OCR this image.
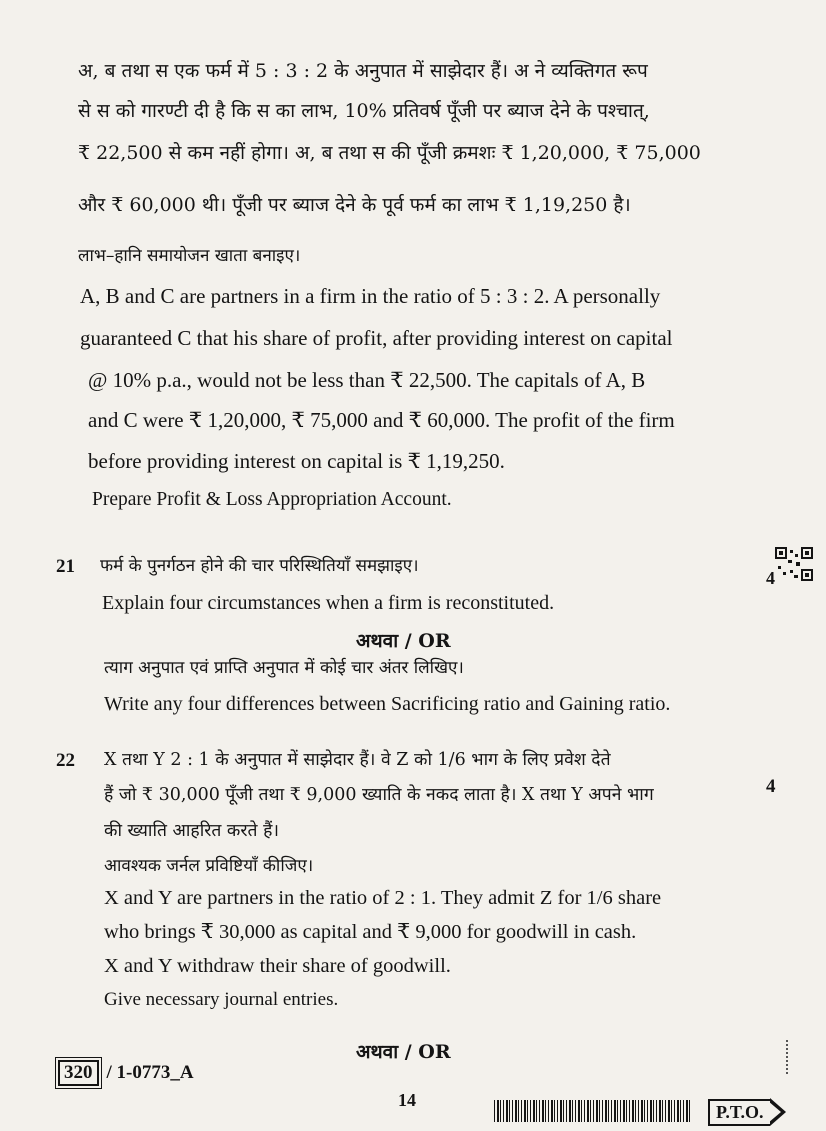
अ, ब तथा स एक फर्म में 5 : 3 : 2 के अनुपात में साझेदार हैं। अ ने व्यक्तिगत रूप
से स को गारण्टी दी है कि स का लाभ, 10% प्रतिवर्ष पूँजी पर ब्याज देने के पश्चात्,
₹ 22,500 से कम नहीं होगा। अ, ब तथा स की पूँजी क्रमशः ₹ 1,20,000, ₹ 75,000
और ₹ 60,000 थी। पूँजी पर ब्याज देने के पूर्व फर्म का लाभ ₹ 1,19,250 है।
लाभ–हानि समायोजन खाता बनाइए।
A, B and C are partners in a firm in the ratio of 5 : 3 : 2. A personally
guaranteed C that his share of profit, after providing interest on capital
@ 10% p.a., would not be less than ₹ 22,500. The capitals of A, B
and C were ₹ 1,20,000, ₹ 75,000 and ₹ 60,000. The profit of the firm
before providing interest on capital is ₹ 1,19,250.
Prepare Profit & Loss Appropriation Account.
21 फर्म के पुनर्गठन होने की चार परिस्थितियाँ समझाइए।
Explain four circumstances when a firm is reconstituted.
4
अथवा / OR
त्याग अनुपात एवं प्राप्ति अनुपात में कोई चार अंतर लिखिए।
Write any four differences between Sacrificing ratio and Gaining ratio.
22 X तथा Y 2 : 1 के अनुपात में साझेदार हैं। वे Z को 1/6 भाग के लिए प्रवेश देते
4
हैं जो ₹ 30,000 पूँजी तथा ₹ 9,000 ख्याति के नकद लाता है। X तथा Y अपने भाग
की ख्याति आहरित करते हैं।
आवश्यक जर्नल प्रविष्टियाँ कीजिए।
X and Y are partners in the ratio of 2 : 1. They admit Z for 1/6 share
who brings ₹ 30,000 as capital and ₹ 9,000 for goodwill in cash.
X and Y withdraw their share of goodwill.
Give necessary journal entries.
अथवा / OR
320 / 1-0773_A
14
P.T.O.
